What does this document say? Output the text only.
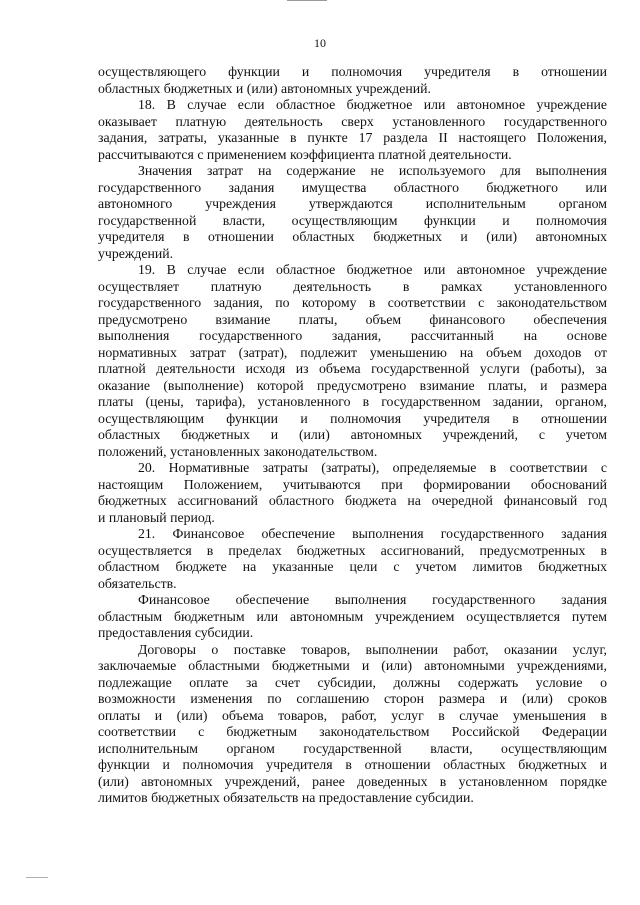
10
осуществляющего функции и полномочия учредителя в отношении
областных бюджетных и (или) автономных учреждений.
18. В случае если областное бюджетное или автономное учреждение
оказывает платную деятельность сверх установленного государственного
задания, затраты, указанные в пункте 17 раздела II настоящего Положения,
рассчитываются с применением коэффициента платной деятельности.
Значения затрат на содержание не используемого для выполнения
государственного задания имущества областного бюджетного или
автономного учреждения утверждаются исполнительным органом
государственной власти, осуществляющим функции и полномочия
учредителя в отношении областных бюджетных и (или) автономных
учреждений.
19. В случае если областное бюджетное или автономное учреждение
осуществляет платную деятельность в рамках установленного
государственного задания, по которому в соответствии с законодательством
предусмотрено взимание платы, объем финансового обеспечения
выполнения государственного задания, рассчитанный на основе
нормативных затрат (затрат), подлежит уменьшению на объем доходов от
платной деятельности исходя из объема государственной услуги (работы), за
оказание (выполнение) которой предусмотрено взимание платы, и размера
платы (цены, тарифа), установленного в государственном задании, органом,
осуществляющим функции и полномочия учредителя в отношении
областных бюджетных и (или) автономных учреждений, с учетом
положений, установленных законодательством.
20. Нормативные затраты (затраты), определяемые в соответствии с
настоящим Положением, учитываются при формировании обоснований
бюджетных ассигнований областного бюджета на очередной финансовый год
и плановый период.
21. Финансовое обеспечение выполнения государственного задания
осуществляется в пределах бюджетных ассигнований, предусмотренных в
областном бюджете на указанные цели с учетом лимитов бюджетных
обязательств.
Финансовое обеспечение выполнения государственного задания
областным бюджетным или автономным учреждением осуществляется путем
предоставления субсидии.
Договоры о поставке товаров, выполнении работ, оказании услуг,
заключаемые областными бюджетными и (или) автономными учреждениями,
подлежащие оплате за счет субсидии, должны содержать условие о
возможности изменения по соглашению сторон размера и (или) сроков
оплаты и (или) объема товаров, работ, услуг в случае уменьшения в
соответствии с бюджетным законодательством Российской Федерации
исполнительным органом государственной власти, осуществляющим
функции и полномочия учредителя в отношении областных бюджетных и
(или) автономных учреждений, ранее доведенных в установленном порядке
лимитов бюджетных обязательств на предоставление субсидии.
